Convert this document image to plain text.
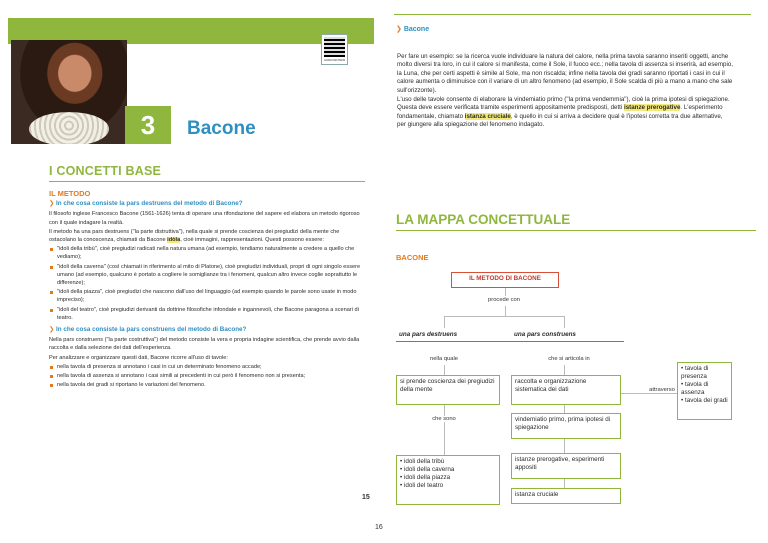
3	Bacone
AUDIOSINTESI
I CONCETTI BASE
IL METODO
❯ In che cosa consiste la pars destruens del metodo di Bacone?

Il filosofo inglese Francesco Bacone (1561-1626) tenta di operare una rifondazione del sapere ed elabora un metodo rigoroso con il quale indagare la realtà.

Il metodo ha una pars destruens ("la parte distruttiva"), nella quale si prende coscienza dei pregiudizi della mente che ostacolano la conoscenza, chiamati da Bacone idòla, cioè immagini, rappresentazioni. Questi possono essere:

"idoli della tribù", cioè pregiudizi radicati nella natura umana (ad esempio, tendiamo naturalmente a credere a quello che vediamo);
"idoli della caverna" (così chiamati in riferimento al mito di Platone), cioè pregiudizi individuali, propri di ogni singolo essere umano (ad esempio, qualcuno è portato a cogliere le somiglianze tra i fenomeni, qualcun altro invece coglie soprattutto le differenze);
"idoli della piazza", cioè pregiudizi che nascono dall'uso del linguaggio (ad esempio quando le parole sono usate in modo impreciso);
"idoli del teatro", cioè pregiudizi derivanti da dottrine filosofiche infondate e ingannevoli, che Bacone paragona a scenari di teatro.
❯ In che cosa consiste la pars construens del metodo di Bacone?

Nella pars construens ("la parte costruttiva") del metodo consiste la vera e propria indagine scientifica, che prende avvio dalla raccolta e dalla selezione dei dati dell'esperienza.

Per analizzare e organizzare questi dati, Bacone ricorre all'uso di tavole:

nella tavola di presenza si annotano i casi in cui un determinato fenomeno accade;
nella tavola di assenza si annotano i casi simili ai precedenti in cui però il fenomeno non si presenta;
nella tavola dei gradi si riportano le variazioni del fenomeno.
15
❯ Bacone

Per fare un esempio: se la ricerca vuole individuare la natura del calore, nella prima tavola saranno inseriti oggetti, anche molto diversi tra loro, in cui il calore si manifesta, come il Sole, il fuoco ecc.; nella tavola di assenza si inserirà, ad esempio, la Luna, che per certi aspetti è simile al Sole, ma non riscalda; infine nella tavola dei gradi saranno riportati i casi in cui il calore aumenta o diminuisce con il variare di un altro fenomeno (ad esempio, il Sole scalda di più a mano a mano che sale sull'orizzonte).

L'uso delle tavole consente di elaborare la vindemiatio primo ("la prima vendemmia"), cioè la prima ipotesi di spiegazione. Questa deve essere verificata tramite esperimenti appositamente predisposti, detti istanze prerogative. L'esperimento fondamentale, chiamato istanza cruciale, è quello in cui si arriva a decidere qual è l'ipotesi corretta tra due alternative, per giungere alla spiegazione del fenomeno indagato.

LA MAPPA CONCETTUALE
BACONE
IL METODO DI BACONE
procede con
una pars destruens	una pars construens
nella quale	che si articola in
si prende coscienza dei pregiudizi della mente
raccolta e organizzazione sistematica dei dati	attraverso
• tavola di presenza
• tavola di assenza
• tavola dei gradi
che sono
• idoli della tribù
• idoli della caverna
• idoli della piazza
• idoli del teatro
vindemiatio primo, prima ipotesi di spiegazione
istanze prerogative, esperimenti appositi
istanza cruciale
16
